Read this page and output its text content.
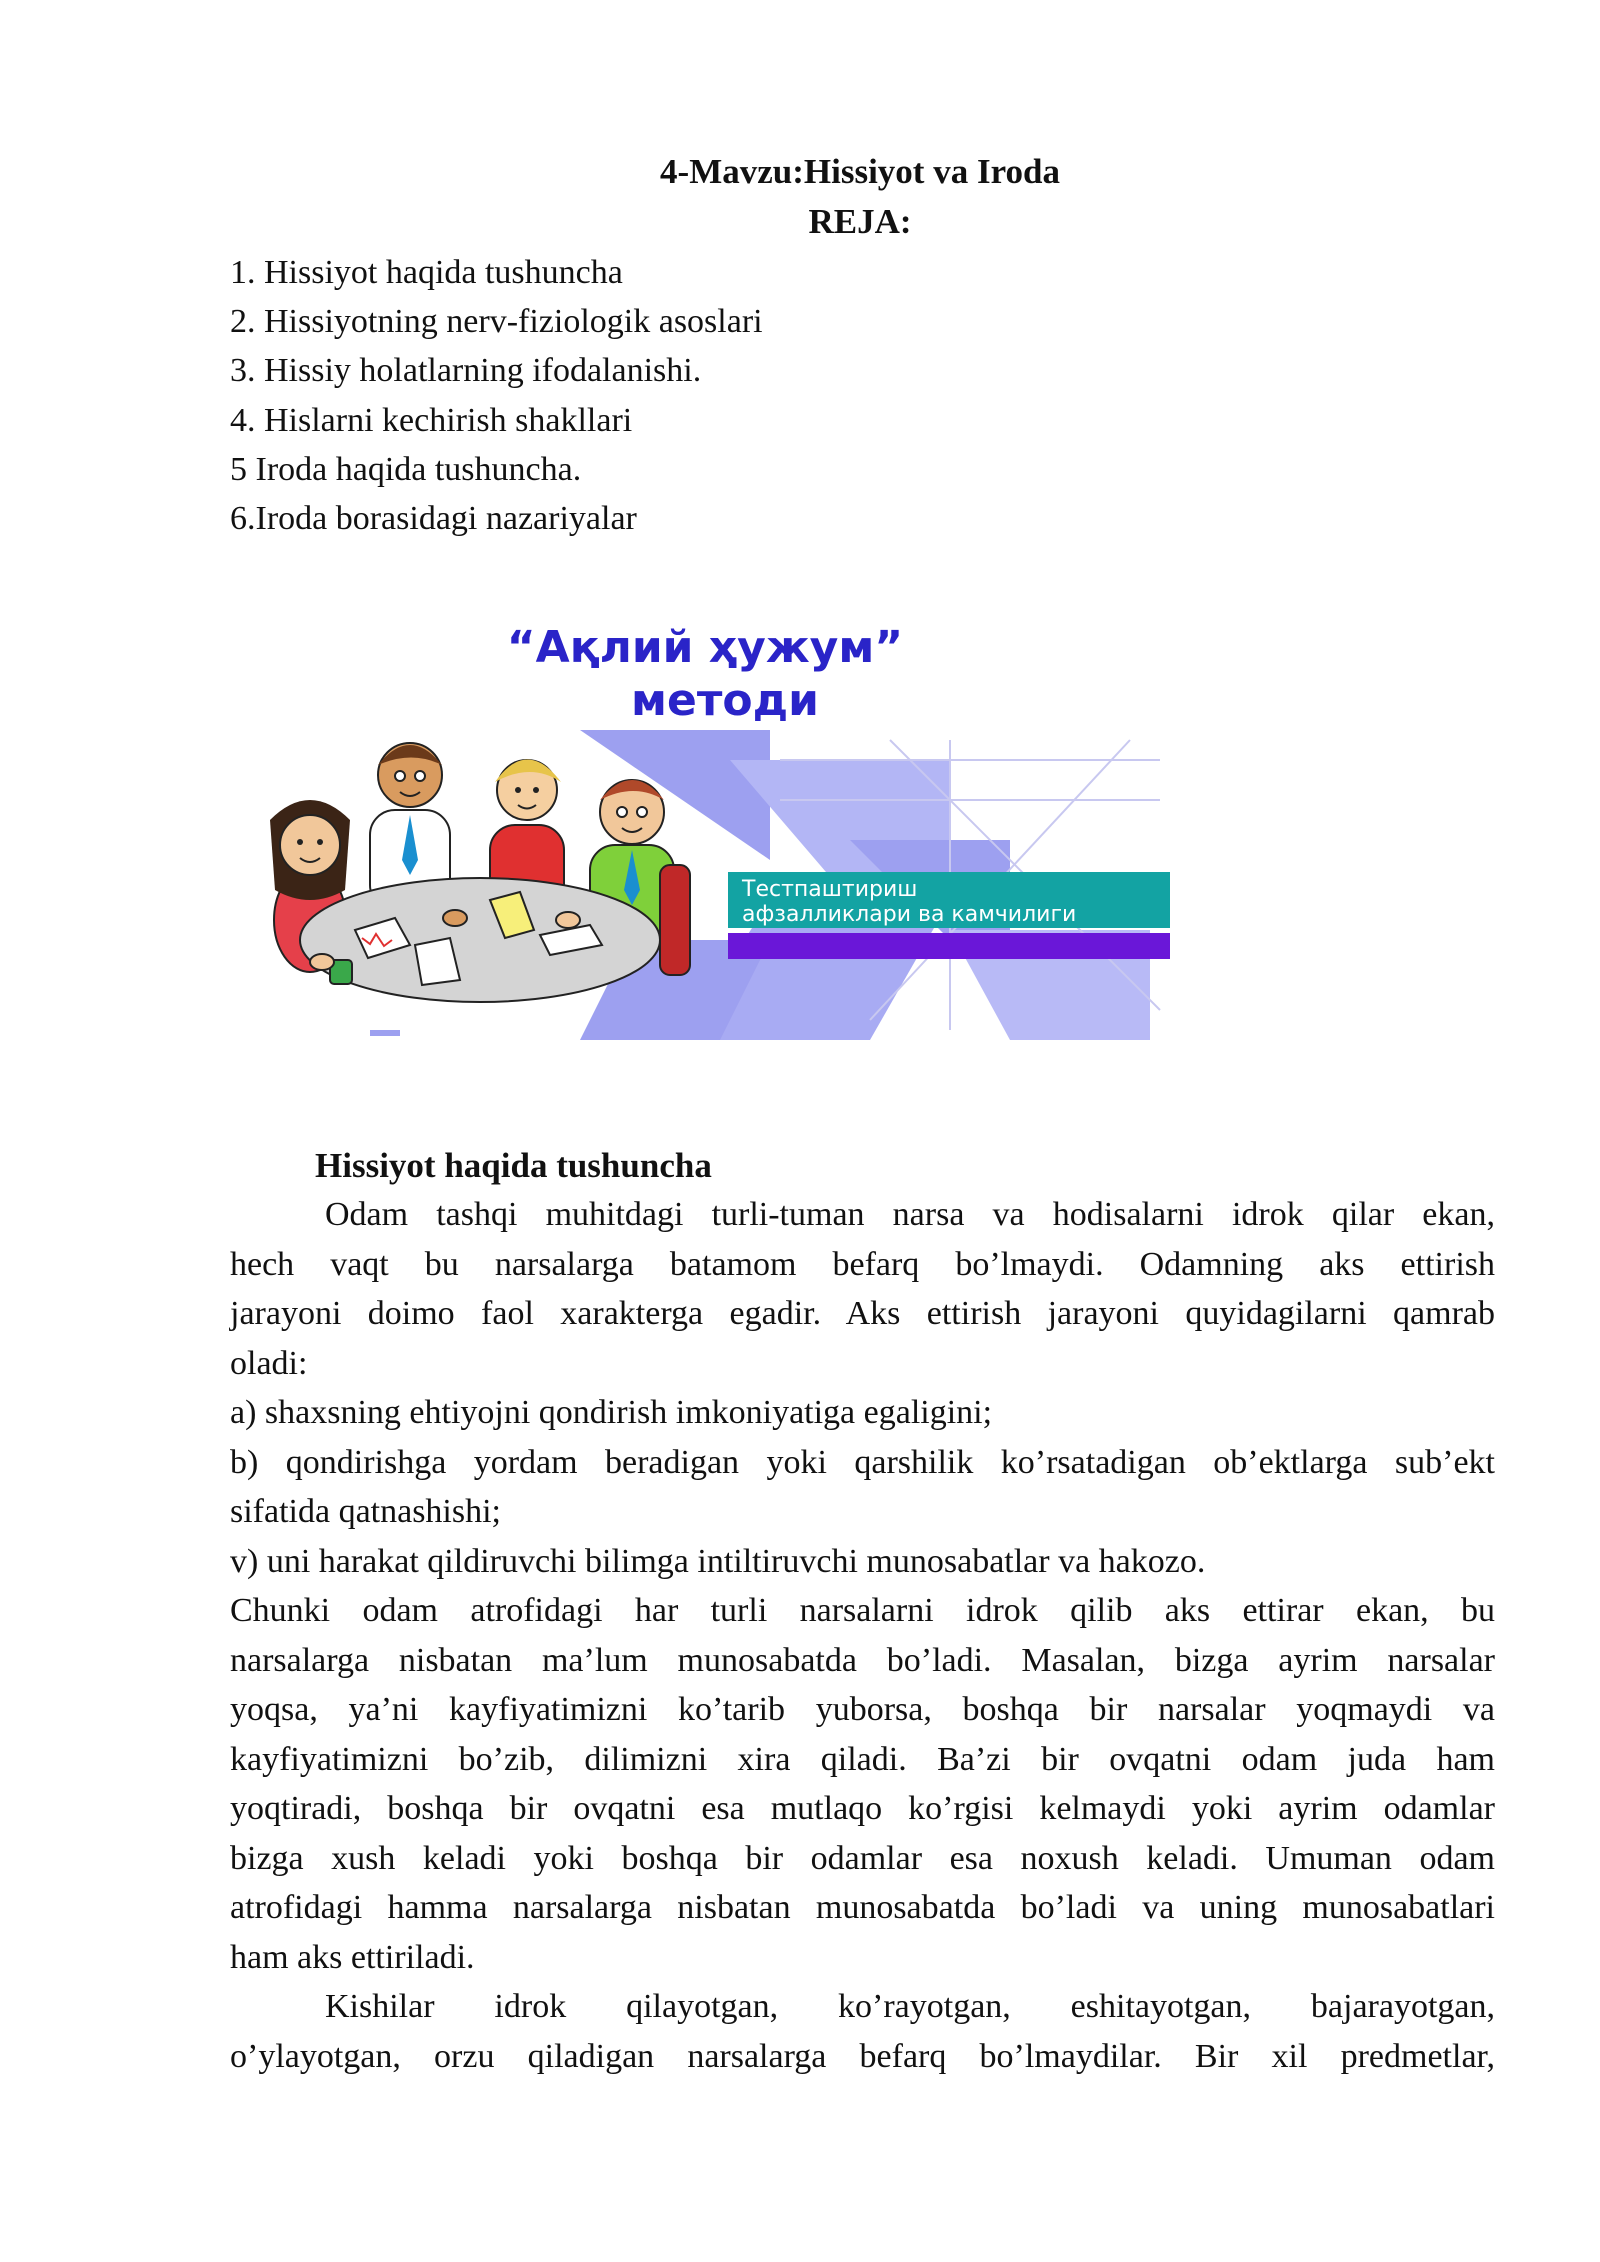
4-Mavzu:Hissiyot va Iroda
REJA:
1. Hissiyot haqida tushuncha
2. Hissiyotning nerv-fiziologik asoslari
3. Hissiy holatlarning ifodalanishi.
4. Hislarni kechirish shakllari
5 Iroda haqida tushuncha.
6.Iroda borasidagi nazariyalar
“Ақлий ҳужум”
методи
Тестпаштириш
афзалликлари ва камчилиги
Hissiyot haqida tushuncha
Odam tashqi muhitdagi turli-tuman narsa va hodisalarni idrok qilar ekan,
hech vaqt bu narsalarga batamom befarq bo’lmaydi. Odamning aks ettirish
jarayoni doimo faol xarakterga egadir. Aks ettirish jarayoni quyidagilarni qamrab
oladi:
a) shaxsning ehtiyojni qondirish imkoniyatiga egaligini;
b) qondirishga yordam beradigan yoki qarshilik ko’rsatadigan ob’ektlarga sub’ekt
sifatida qatnashishi;
v) uni harakat qildiruvchi bilimga intiltiruvchi munosabatlar va hakozo.
Chunki odam atrofidagi har turli narsalarni idrok qilib aks ettirar ekan, bu
narsalarga nisbatan ma’lum munosabatda bo’ladi. Masalan, bizga ayrim narsalar
yoqsa, ya’ni kayfiyatimizni ko’tarib yuborsa, boshqa bir narsalar yoqmaydi va
kayfiyatimizni bo’zib, dilimizni xira qiladi. Ba’zi bir ovqatni odam juda ham
yoqtiradi, boshqa bir ovqatni esa mutlaqo ko’rgisi kelmaydi yoki ayrim odamlar
bizga xush keladi yoki boshqa bir odamlar esa noxush keladi. Umuman odam
atrofidagi hamma narsalarga nisbatan munosabatda bo’ladi va uning munosabatlari
ham aks ettiriladi.
Kishilar idrok qilayotgan, ko’rayotgan, eshitayotgan, bajarayotgan,
o’ylayotgan, orzu qiladigan narsalarga befarq bo’lmaydilar. Bir xil predmetlar,
